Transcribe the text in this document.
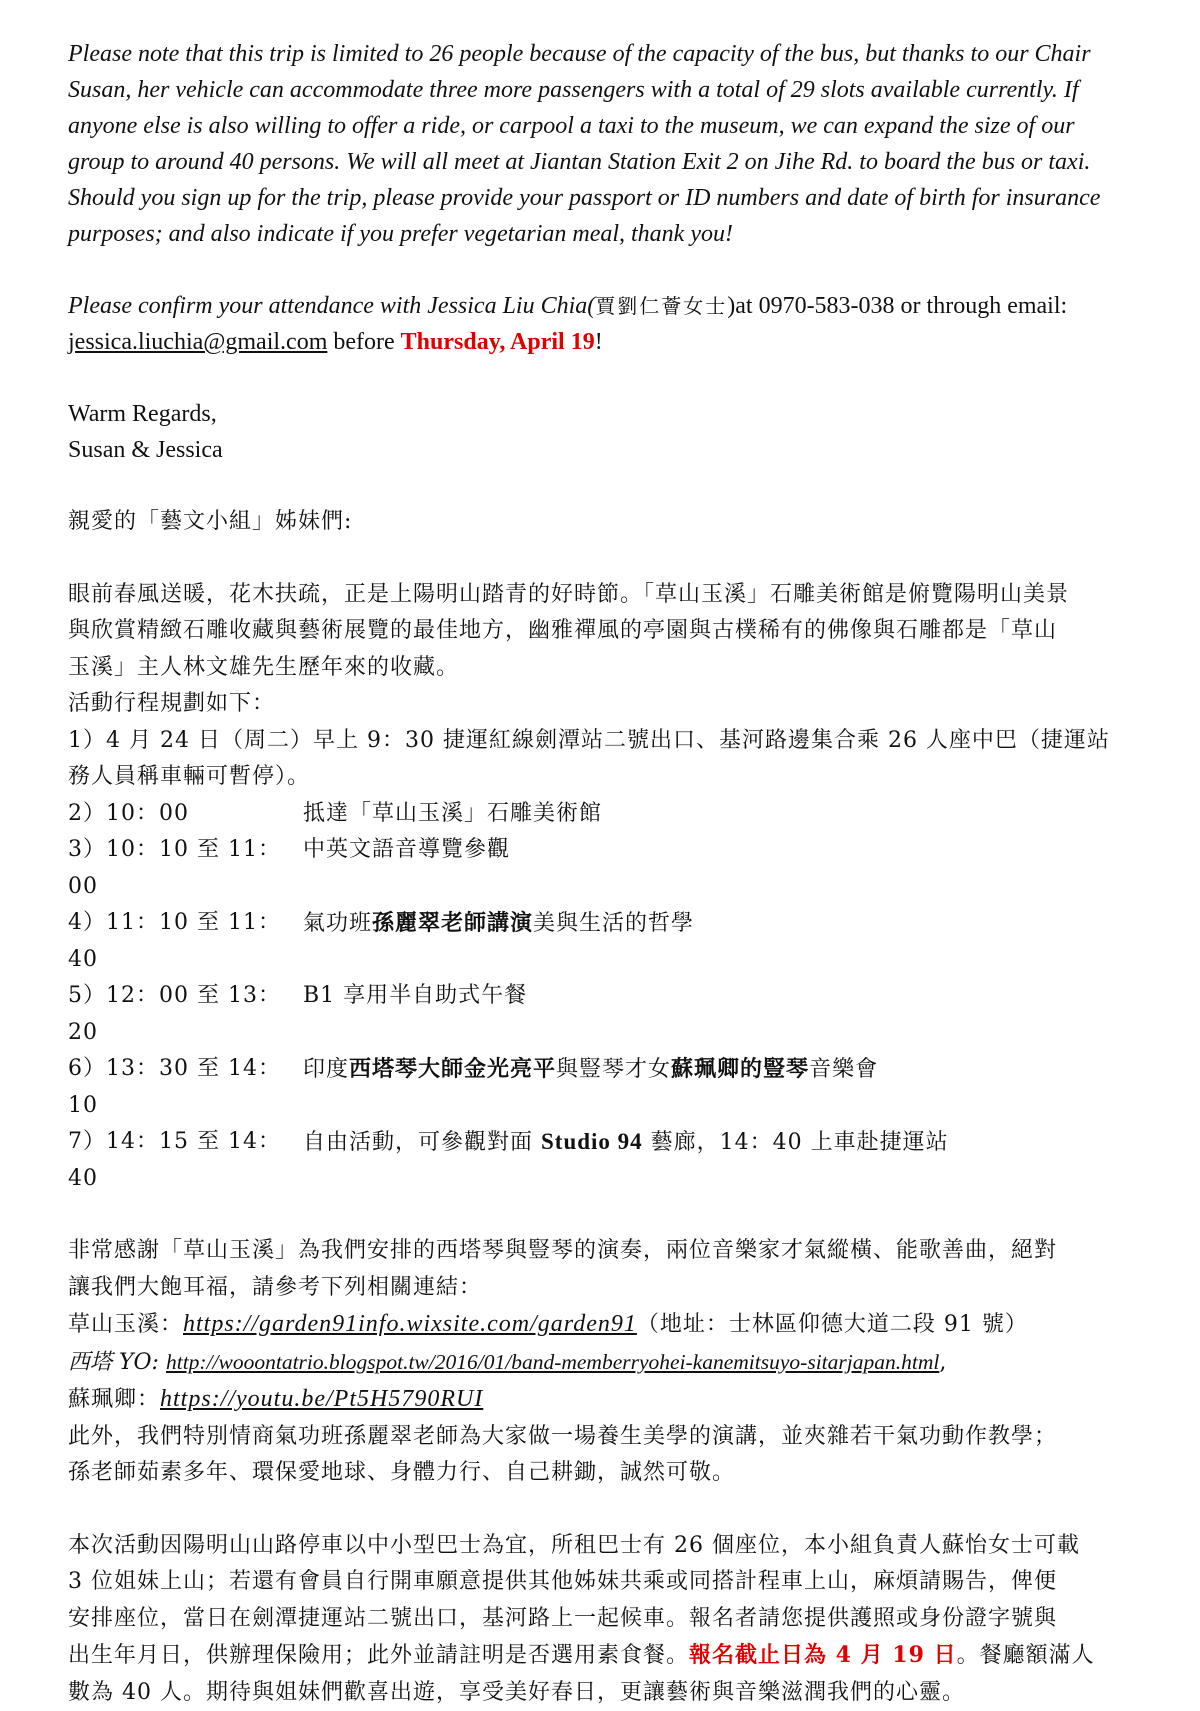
Please note that this trip is limited to 26 people because of the capacity of the bus, but thanks to our Chair

Susan, her vehicle can accommodate three more passengers with a total of 29 slots available currently. If

anyone else is also willing to offer a ride, or carpool a taxi to the museum, we can expand the size of our

group to around 40 persons. We will all meet at Jiantan Station Exit 2 on Jihe Rd. to board the bus or taxi.

Should you sign up for the trip, please provide your passport or ID numbers and date of birth for insurance

purposes; and also indicate if you prefer vegetarian meal, thank you!

Please confirm your attendance with Jessica Liu Chia(賈劉仁薈女士)at 0970-583-038 or through email:

jessica.liuchia@gmail.com before Thursday, April 19!

Warm Regards,

Susan & Jessica

親愛的「藝文小組」姊妹們:

眼前春風送暖，花木扶疏，正是上陽明山踏青的好時節。「草山玉溪」石雕美術館是俯覽陽明山美景

與欣賞精緻石雕收藏與藝術展覽的最佳地方，幽雅禪風的亭園與古樸稀有的佛像與石雕都是「草山

玉溪」主人林文雄先生歷年來的收藏。

活動行程規劃如下：

1）4 月 24 日（周二）早上 9：30 捷運紅線劍潭站二號出口、基河路邊集合乘 26 人座中巴（捷運站

務人員稱車輛可暫停）。

2）10：00	抵達「草山玉溪」石雕美術館

3）10：10 至 11：00
中英文語音導覽參觀

4）11：10 至 11：40
氣功班孫麗翠老師講演美與生活的哲學

5）12：00 至 13：20
B1 享用半自助式午餐

6）13：30 至 14：10
印度西塔琴大師金光亮平與豎琴才女蘇珮卿的豎琴音樂會

7）14：15 至 14：40
自由活動，可參觀對面 Studio 94 藝廊，14：40 上車赴捷運站

非常感謝「草山玉溪」為我們安排的西塔琴與豎琴的演奏，兩位音樂家才氣縱橫、能歌善曲，絕對

讓我們大飽耳福，請參考下列相關連結：

草山玉溪：https://garden91info.wixsite.com/garden91（地址：士林區仰德大道二段 91 號）

西塔 YO: http://wooontatrio.blogspot.tw/2016/01/band-memberryohei-kanemitsuyo-sitarjapan.html,

蘇珮卿：https://youtu.be/Pt5H5790RUI

此外，我們特別情商氣功班孫麗翠老師為大家做一場養生美學的演講，並夾雜若干氣功動作教學；

孫老師茹素多年、環保愛地球、身體力行、自己耕鋤，誠然可敬。

本次活動因陽明山山路停車以中小型巴士為宜，所租巴士有 26 個座位，本小組負責人蘇怡女士可載

3 位姐妹上山；若還有會員自行開車願意提供其他姊妹共乘或同搭計程車上山，麻煩請賜告，俾便

安排座位，當日在劍潭捷運站二號出口，基河路上一起候車。報名者請您提供護照或身份證字號與

出生年月日，供辦理保險用；此外並請註明是否選用素食餐。報名截止日為 4 月 19 日。餐廳額滿人

數為 40 人。期待與姐妹們歡喜出遊，享受美好春日，更讓藝術與音樂滋潤我們的心靈。
